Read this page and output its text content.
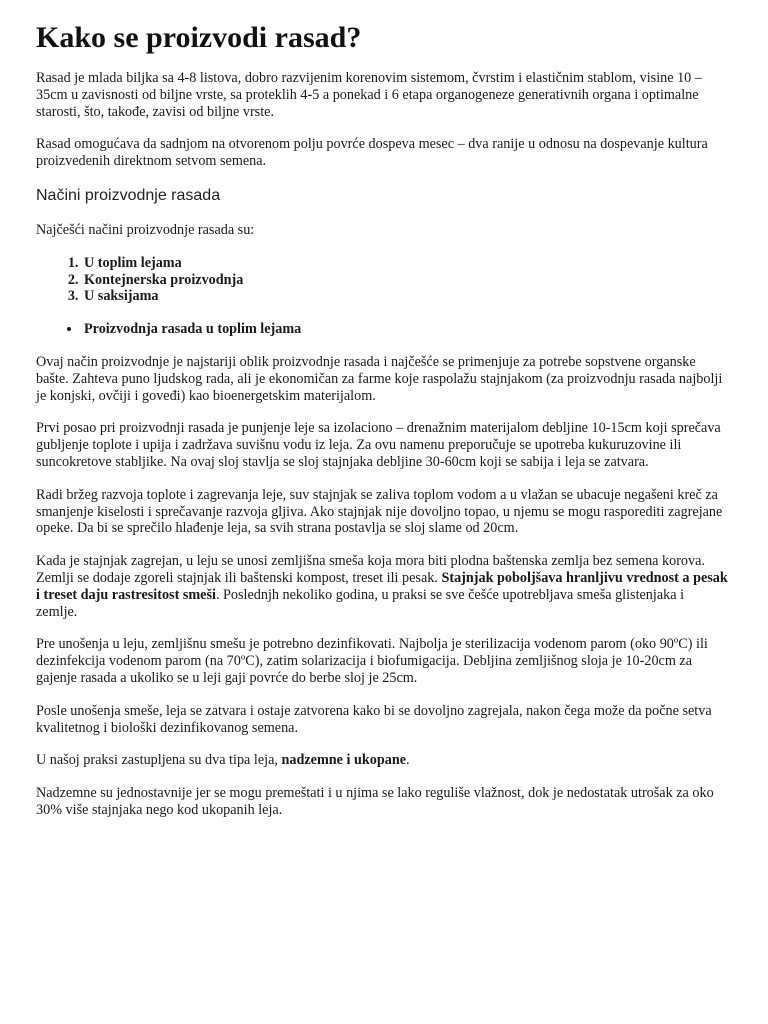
Kako se proizvodi rasad?

Rasad je mlada biljka sa 4-8 listova, dobro razvijenim korenovim sistemom, čvrstim i elastičnim stablom, visine 10 – 35cm u zavisnosti od biljne vrste, sa proteklih 4-5 a ponekad i 6 etapa organogeneze generativnih organa i optimalne starosti, što, takođe, zavisi od biljne vrste.

Rasad omogućava da sadnjom na otvorenom polju povrće dospeva mesec – dva ranije u odnosu na dospevanje kultura proizvedenih direktnom setvom semena.

Načini proizvodnje rasada

Najčešći načini proizvodnje rasada su:

1. U toplim lejama
2. Kontejnerska proizvodnja
3. U saksijama
• Proizvodnja rasada u toplim lejama

Ovaj način proizvodnje je najstariji oblik proizvodnje rasada i najčešće se primenjuje za potrebe sopstvene organske bašte. Zahteva puno ljudskog rada, ali je ekonomičan za farme koje raspolažu stajnjakom (za proizvodnju rasada najbolji je konjski, ovčiji i goveđi) kao bioenergetskim materijalom.

Prvi posao pri proizvodnji rasada je punjenje leje sa izolaciono – drenažnim materijalom debljine 10-15cm koji sprečava gubljenje toplote i upija i zadržava suvišnu vodu iz leja. Za ovu namenu preporučuje se upotreba kukuruzovine ili suncokretove stabljike. Na ovaj sloj stavlja se sloj stajnjaka debljine 30-60cm koji se sabija i leja se zatvara.

Radi bržeg razvoja toplote i zagrevanja leje, suv stajnjak se zaliva toplom vodom a u vlažan se ubacuje negašeni kreč za smanjenje kiselosti i sprečavanje razvoja gljiva. Ako stajnjak nije dovoljno topao, u njemu se mogu rasporediti zagrejane opeke. Da bi se sprečilo hlađenje leja, sa svih strana postavlja se sloj slame od 20cm.

Kada je stajnjak zagrejan, u leju se unosi zemljišna smeša koja mora biti plodna baštenska zemlja bez semena korova. Zemlji se dodaje zgoreli stajnjak ili baštenski kompost, treset ili pesak. Stajnjak poboljšava hranljivu vrednost a pesak i treset daju rastresitost smeši. Poslednjh nekoliko godina, u praksi se sve češće upotrebljava smeša glistenjaka i zemlje.

Pre unošenja u leju, zemljišnu smešu je potrebno dezinfikovati. Najbolja je sterilizacija vodenom parom (oko 90ºC) ili dezinfekcija vodenom parom (na 70ºC), zatim solarizacija i biofumigacija. Debljina zemljišnog sloja je 10-20cm za gajenje rasada a ukoliko se u leji gaji povrće do berbe sloj je 25cm.

Posle unošenja smeše, leja se zatvara i ostaje zatvorena kako bi se dovoljno zagrejala, nakon čega može da počne setva kvalitetnog i biološki dezinfikovanog semena.

U našoj praksi zastupljena su dva tipa leja, nadzemne i ukopane.

Nadzemne su jednostavnije jer se mogu premeštati i u njima se lako reguliše vlažnost, dok je nedostatak utrošak za oko 30% više stajnjaka nego kod ukopanih leja.
